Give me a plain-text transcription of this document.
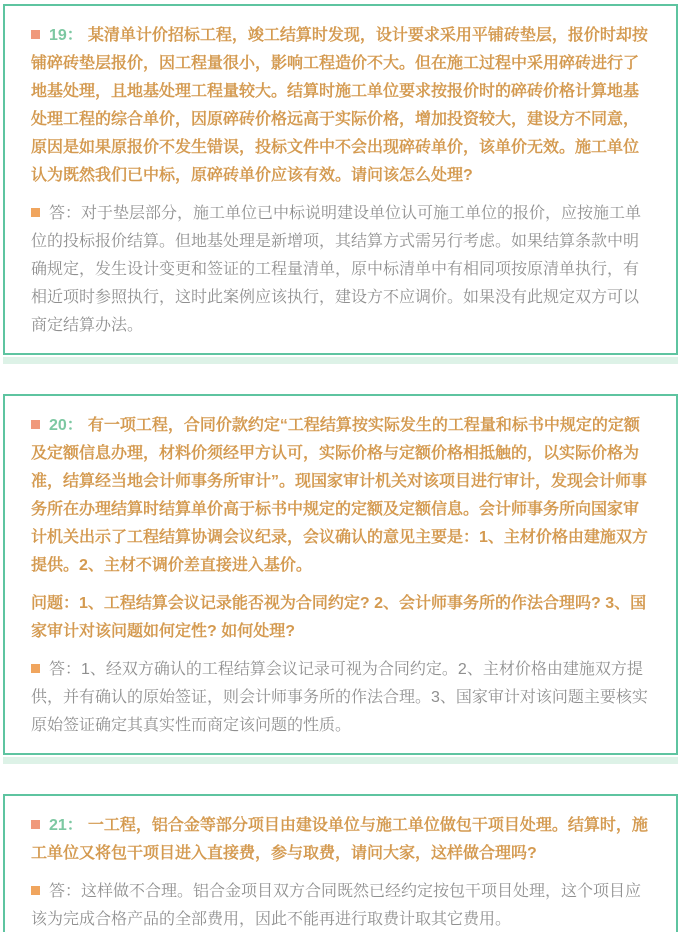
19： 某清单计价招标工程，竣工结算时发现，设计要求采用平铺砖垫层，报价时却按铺碎砖垫层报价，因工程量很小，影响工程造价不大。但在施工过程中采用碎砖进行了地基处理，且地基处理工程量较大。结算时施工单位要求按报价时的碎砖价格计算地基处理工程的综合单价，因原碎砖价格远高于实际价格，增加投资较大，建设方不同意，原因是如果原报价不发生错误，投标文件中不会出现碎砖单价，该单价无效。施工单位认为既然我们已中标，原碎砖单价应该有效。请问该怎么处理?

答：对于垫层部分，施工单位已中标说明建设单位认可施工单位的报价，应按施工单位的投标报价结算。但地基处理是新增项，其结算方式需另行考虑。如果结算条款中明确规定，发生设计变更和签证的工程量清单，原中标清单中有相同项按原清单执行，有相近项时参照执行，这时此案例应该执行，建设方不应调价。如果没有此规定双方可以商定结算办法。

20： 有一项工程，合同价款约定“工程结算按实际发生的工程量和标书中规定的定额及定额信息办理，材料价须经甲方认可，实际价格与定额价格相抵触的，以实际价格为准，结算经当地会计师事务所审计”。现国家审计机关对该项目进行审计，发现会计师事务所在办理结算时结算单价高于标书中规定的定额及定额信息。会计师事务所向国家审计机关出示了工程结算协调会议纪录，会议确认的意见主要是：1、主材价格由建施双方提供。2、主材不调价差直接进入基价。

问题：1、工程结算会议记录能否视为合同约定? 2、会计师事务所的作法合理吗? 3、国家审计对该问题如何定性? 如何处理?

答：1、经双方确认的工程结算会议记录可视为合同约定。2、主材价格由建施双方提供，并有确认的原始签证，则会计师事务所的作法合理。3、国家审计对该问题主要核实原始签证确定其真实性而商定该问题的性质。

21： 一工程，铝合金等部分项目由建设单位与施工单位做包干项目处理。结算时，施工单位又将包干项目进入直接费，参与取费，请问大家，这样做合理吗?

答：这样做不合理。铝合金项目双方合同既然已经约定按包干项目处理，这个项目应该为完成合格产品的全部费用，因此不能再进行取费计取其它费用。
